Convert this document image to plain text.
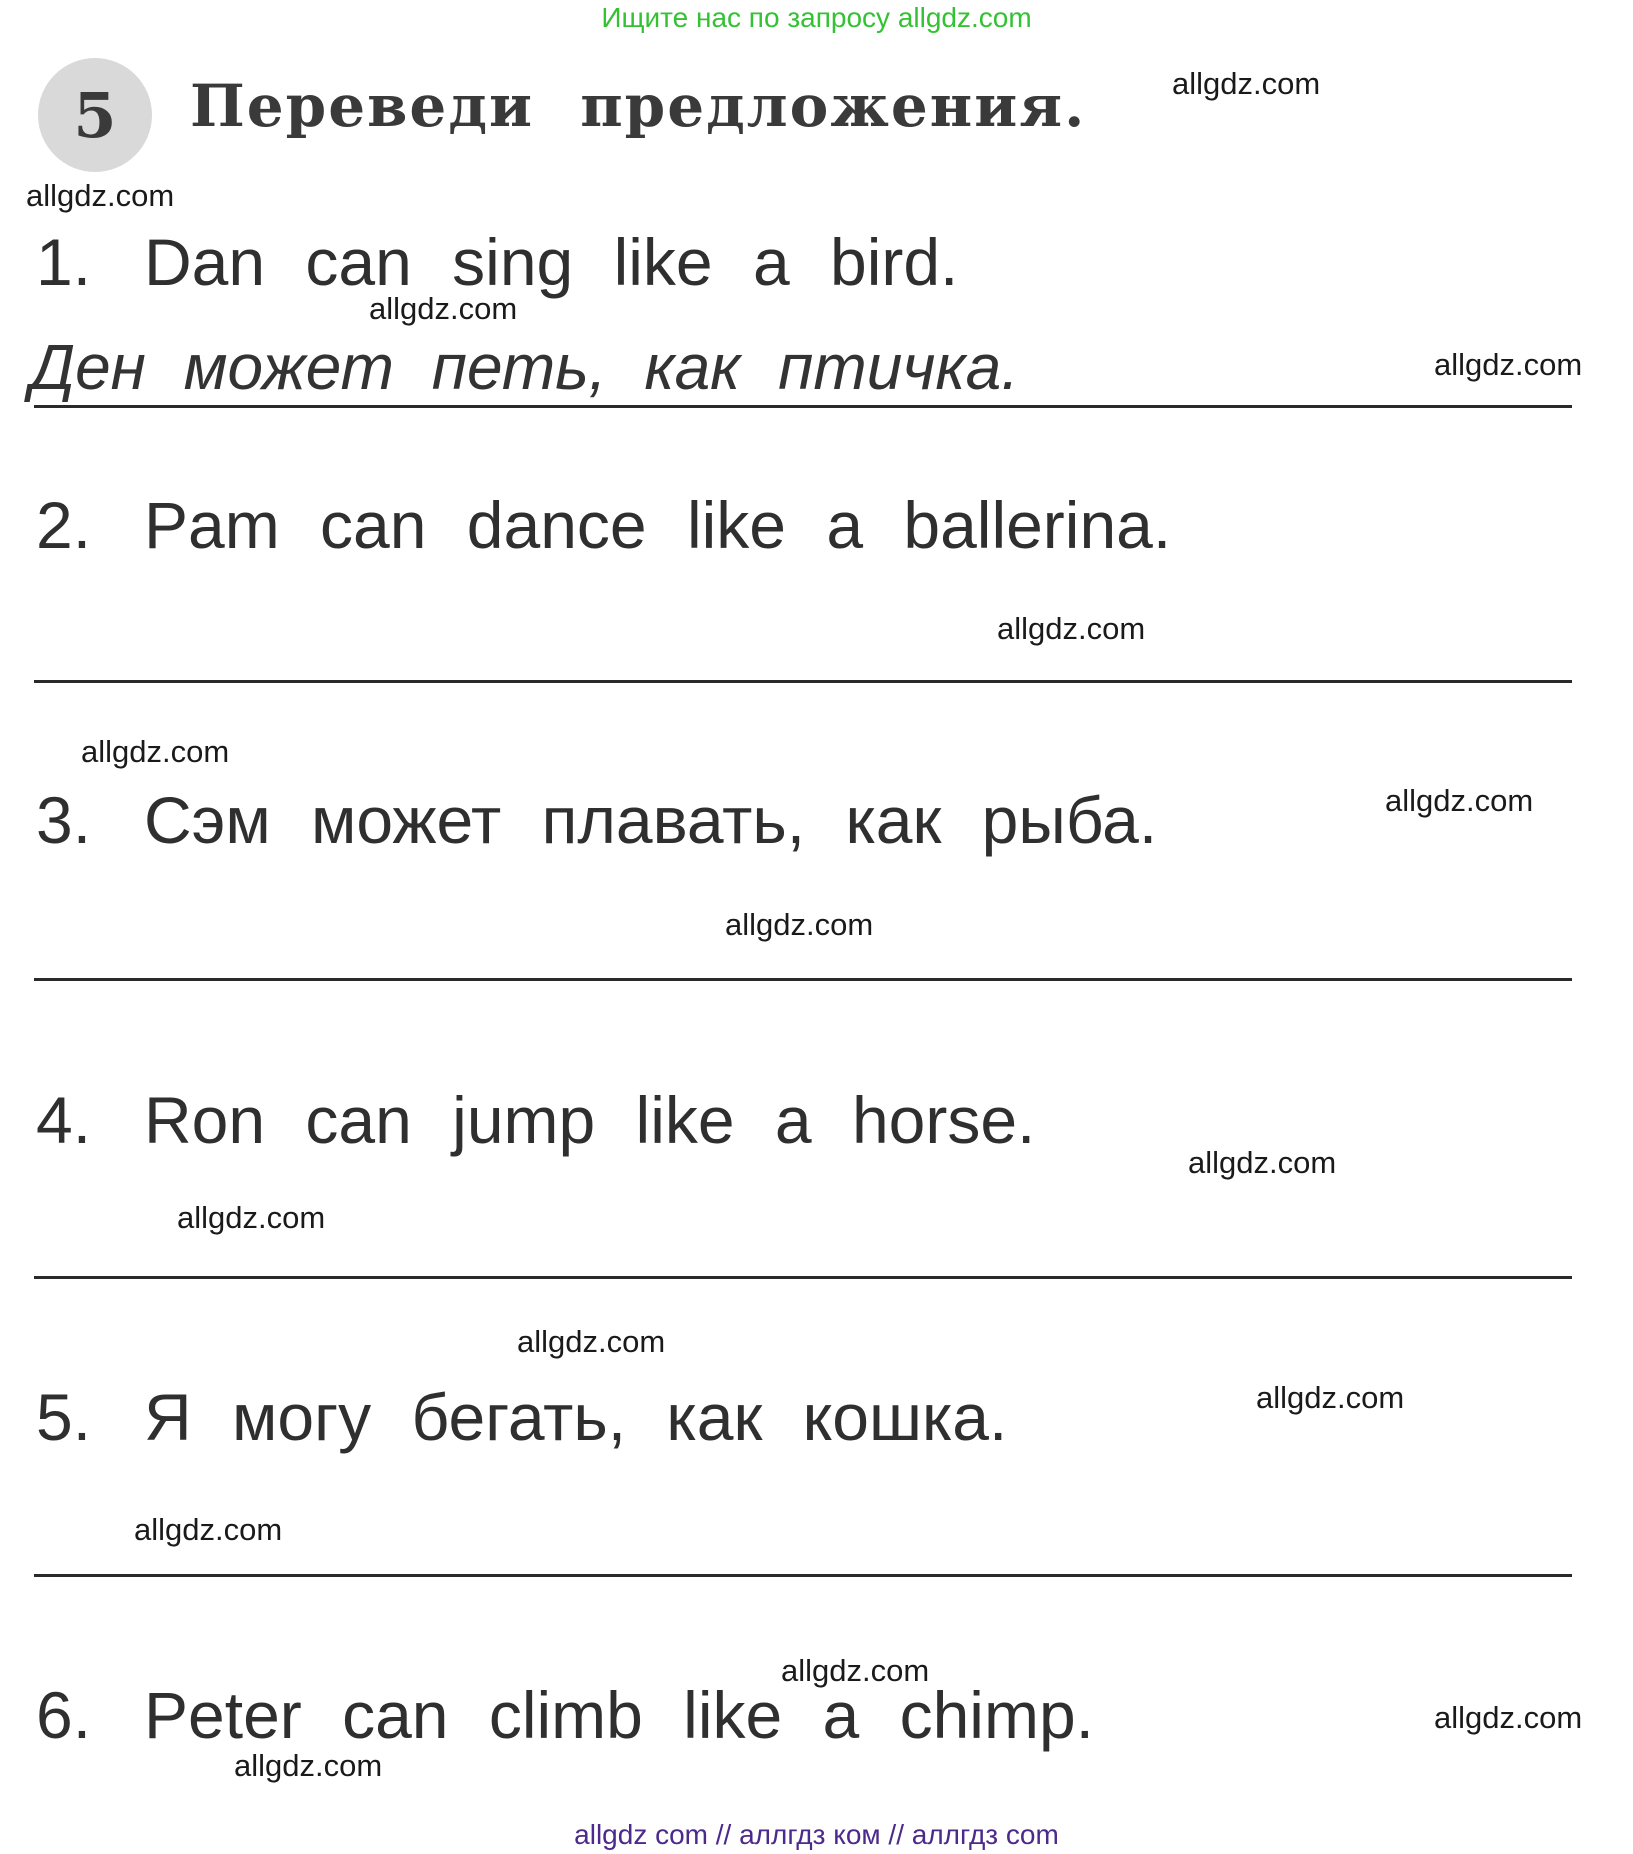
Ищите нас по запросу allgdz.com
5	Переведи предложения.
1. Dan can sing like a bird.
Ден может петь, как птичка.
2. Pam can dance like a ballerina.
3. Сэм может плавать, как рыба.
4. Ron can jump like a horse.
5. Я могу бегать, как кошка.
6. Peter can climb like a chimp.
allgdz.com
allgdz.com
allgdz.com
allgdz.com
allgdz.com
allgdz.com
allgdz.com
allgdz.com
allgdz.com
allgdz.com
allgdz.com
allgdz.com
allgdz.com
allgdz.com
allgdz.com
allgdz.com
allgdz com // аллгдз ком // аллгдз com
